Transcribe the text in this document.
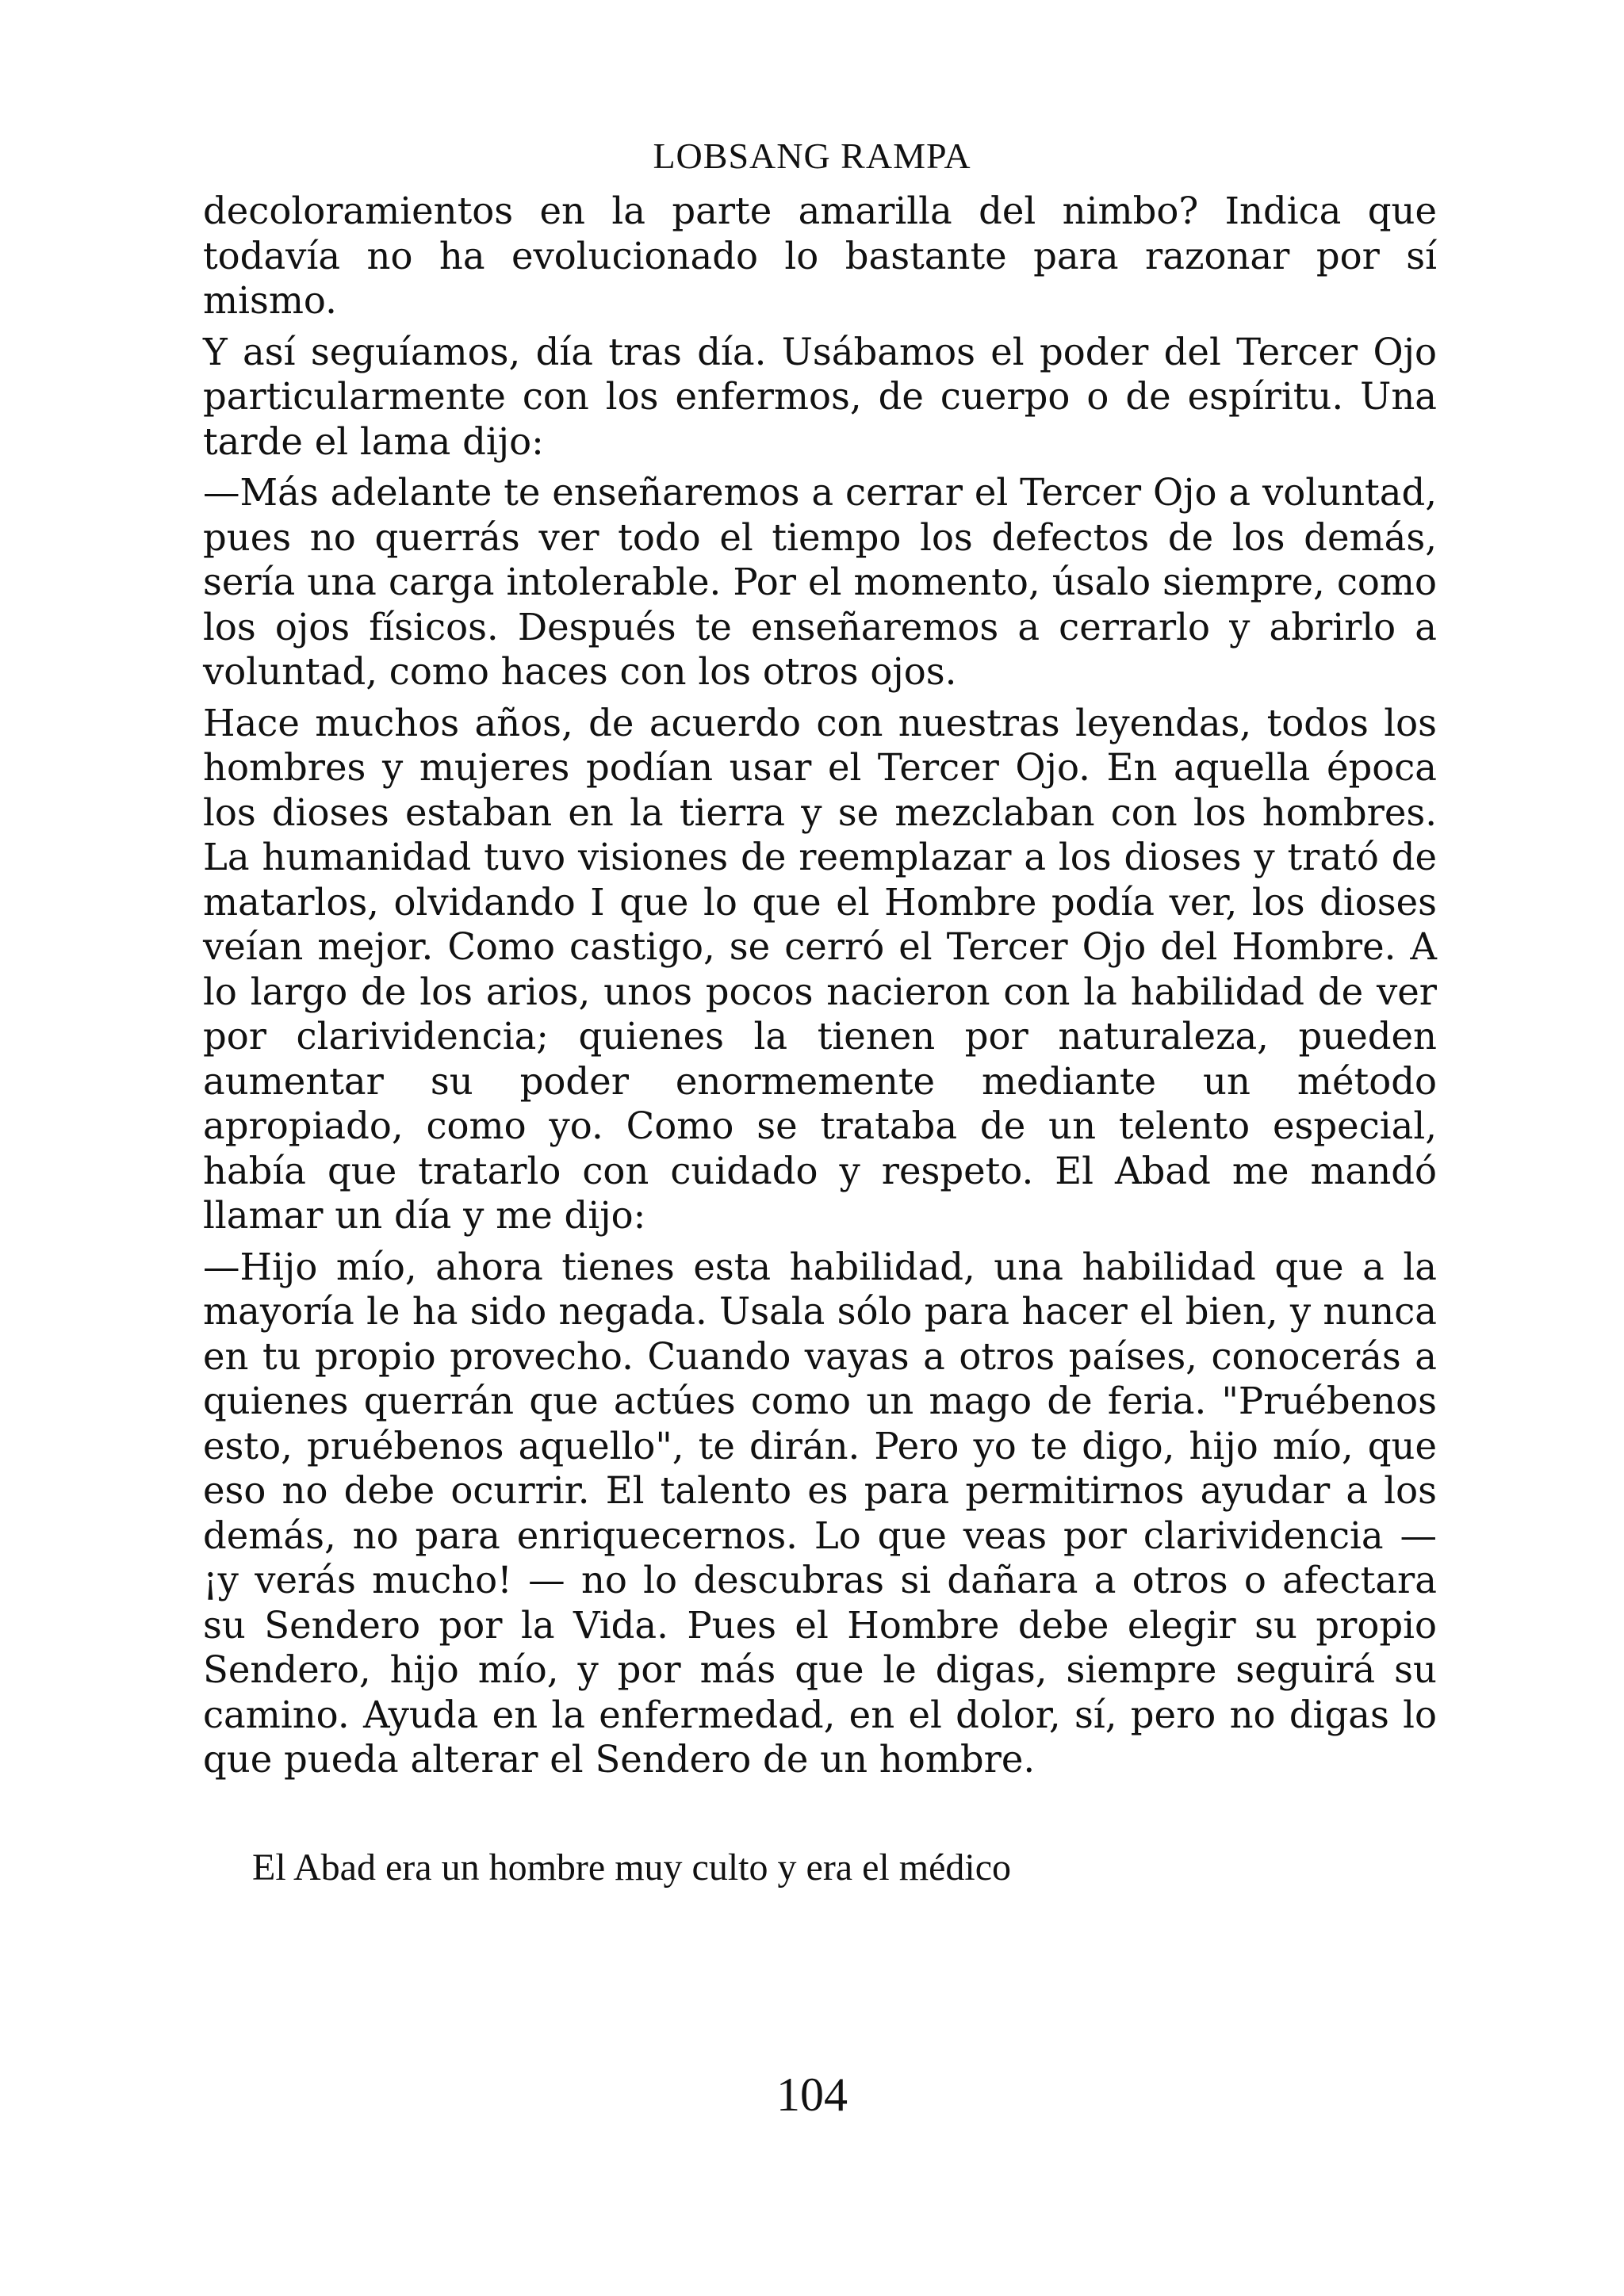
LOBSANG RAMPA

decoloramientos en la parte amarilla del nimbo? Indica que todavía no ha evolucionado lo bastante para razonar por sí mismo.

Y así seguíamos, día tras día. Usábamos el poder del Tercer Ojo particularmente con los enfermos, de cuerpo o de espíritu. Una tarde el lama dijo:

—Más adelante te enseñaremos a cerrar el Tercer Ojo a voluntad, pues no querrás ver todo el tiempo los defectos de los demás, sería una carga intolerable. Por el momento, úsalo siempre, como los ojos físicos. Después te enseñaremos a cerrarlo y abrirlo a voluntad, como haces con los otros ojos.

Hace muchos años, de acuerdo con nuestras leyendas, todos los hombres y mujeres podían usar el Tercer Ojo. En aquella época los dioses estaban en la tierra y se mezclaban con los hombres. La humanidad tuvo visiones de reemplazar a los dioses y trató de matarlos, olvidando I que lo que el Hombre podía ver, los dioses veían mejor. Como castigo, se cerró el Tercer Ojo del Hombre. A lo largo de los arios, unos pocos nacieron con la habilidad de ver por clarividencia; quienes la tienen por naturaleza, pueden aumentar su poder enormemente mediante un método apropiado, como yo. Como se trataba de un telento especial, había que tratarlo con cuidado y respeto. El Abad me mandó llamar un día y me dijo:

—Hijo mío, ahora tienes esta habilidad, una habilidad que a la mayoría le ha sido negada. Usala sólo para hacer el bien, y nunca en tu propio provecho. Cuando vayas a otros países, conocerás a quienes querrán que actúes como un mago de feria. "Pruébenos esto, pruébenos aquello", te dirán. Pero yo te digo, hijo mío, que eso no debe ocurrir. El talento es para permitirnos ayudar a los demás, no para enriquecernos. Lo que veas por clarividencia — ¡y verás mucho! — no lo descubras si dañara a otros o afectara su Sendero por la Vida. Pues el Hombre debe elegir su propio Sendero, hijo mío, y por más que le digas, siempre seguirá su camino. Ayuda en la enfermedad, en el dolor, sí, pero no digas lo que pueda alterar el Sendero de un hombre.

El Abad era un hombre muy culto y era el médico
104
